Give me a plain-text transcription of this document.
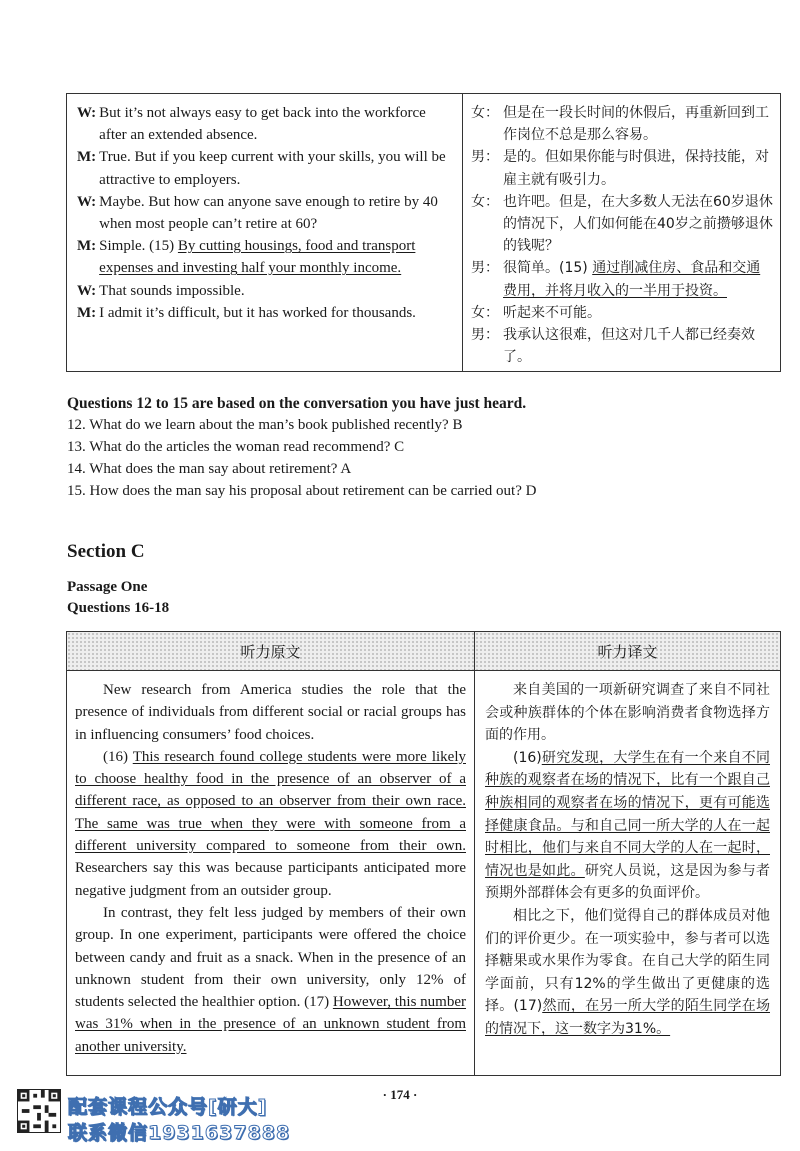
W: But it’s not always easy to get back into the workforce after an extended absence.
M: True. But if you keep current with your skills, you will be attractive to employers.
W: Maybe. But how can anyone save enough to retire by 40 when most people can’t retire at 60?
M: Simple. (15) By cutting housings, food and transport expenses and investing half your monthly income.
W: That sounds impossible.
M: I admit it’s difficult, but it has worked for thousands.
女： 但是在一段长时间的休假后，再重新回到工作岗位不总是那么容易。
男： 是的。但如果你能与时俱进，保持技能，对雇主就有吸引力。
女： 也许吧。但是，在大多数人无法在60岁退休的情况下，人们如何能在40岁之前攒够退休的钱呢？
男： 很简单。(15) 通过削减住房、食品和交通费用，并将月收入的一半用于投资。
女： 听起来不可能。
男： 我承认这很难，但这对几千人都已经奏效了。
Questions 12 to 15 are based on the conversation you have just heard.
12. What do we learn about the man’s book published recently? B
13. What do the articles the woman read recommend? C
14. What does the man say about retirement? A
15. How does the man say his proposal about retirement can be carried out? D
Section C
Passage One
Questions 16-18
听力原文	听力译文

New research from America studies the role that the presence of individuals from different social or racial groups has in influencing consumers’ food choices.

(16) This research found college students were more likely to choose healthy food in the presence of an observer of a different race, as opposed to an observer from their own race. The same was true when they were with someone from a different university compared to someone from their own. Researchers say this was because participants anticipated more negative judgment from an outsider group.

In contrast, they felt less judged by members of their own group. In one experiment, participants were offered the choice between candy and fruit as a snack. When in the presence of an unknown student from their own university, only 12% of students selected the healthier option. (17) However, this number was 31% when in the presence of an unknown student from another university.

来自美国的一项新研究调查了来自不同社会或种族群体的个体在影响消费者食物选择方面的作用。

(16)研究发现，大学生在有一个来自不同种族的观察者在场的情况下，比有一个跟自己种族相同的观察者在场的情况下，更有可能选择健康食品。与和自己同一所大学的人在一起时相比，他们与来自不同大学的人在一起时，情况也是如此。研究人员说，这是因为参与者预期外部群体会有更多的负面评价。

相比之下，他们觉得自己的群体成员对他们的评价更少。在一项实验中，参与者可以选择糖果或水果作为零食。在自己大学的陌生同学面前，只有12%的学生做出了更健康的选择。(17)然而，在另一所大学的陌生同学在场的情况下，这一数字为31%。

· 174 ·
配套课程公众号[研大]
联系微信1931637888
